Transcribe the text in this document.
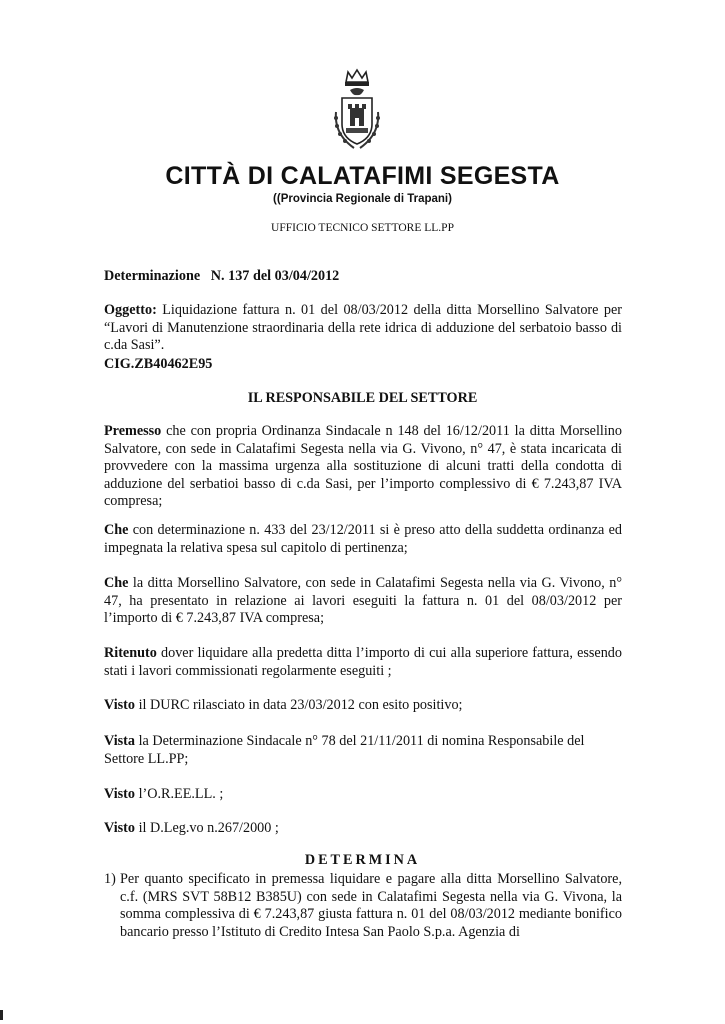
CITTÀ DI CALATAFIMI SEGESTA
((Provincia Regionale di Trapani)
UFFICIO TECNICO SETTORE LL.PP
Determinazione N. 137 del 03/04/2012
Oggetto: Liquidazione fattura n. 01 del 08/03/2012 della ditta Morsellino Salvatore per “Lavori di Manutenzione straordinaria della rete idrica di adduzione del serbatoio basso di c.da Sasi”.
CIG.ZB40462E95
IL RESPONSABILE DEL SETTORE
Premesso che con propria Ordinanza Sindacale n 148 del 16/12/2011 la ditta Morsellino Salvatore, con sede in Calatafimi Segesta nella via G. Vivono, n° 47, è stata incaricata di provvedere con la massima urgenza alla sostituzione di alcuni tratti della condotta di adduzione del serbatioi basso di c.da Sasi, per l’importo complessivo di € 7.243,87 IVA compresa;
Che con determinazione n. 433 del 23/12/2011 si è preso atto della suddetta ordinanza ed impegnata la relativa spesa sul capitolo di pertinenza;
Che la ditta Morsellino Salvatore, con sede in Calatafimi Segesta nella via G. Vivono, n° 47, ha presentato in relazione ai lavori eseguiti la fattura n. 01 del 08/03/2012 per l’importo di € 7.243,87 IVA compresa;
Ritenuto dover liquidare alla predetta ditta l’importo di cui alla superiore fattura, essendo stati i lavori commissionati regolarmente eseguiti ;
Visto il DURC rilasciato in data 23/03/2012 con esito positivo;
Vista la Determinazione Sindacale n° 78 del 21/11/2011 di nomina Responsabile del Settore LL.PP;
Visto l’O.R.EE.LL. ;
Visto il D.Leg.vo n.267/2000 ;
DETERMINA
1) Per quanto specificato in premessa liquidare e pagare alla ditta Morsellino Salvatore, c.f. (MRS SVT 58B12 B385U) con sede in Calatafimi Segesta nella via G. Vivona, la somma complessiva di € 7.243,87 giusta fattura n. 01 del 08/03/2012 mediante bonifico bancario presso l’Istituto di Credito Intesa San Paolo S.p.a. Agenzia di
